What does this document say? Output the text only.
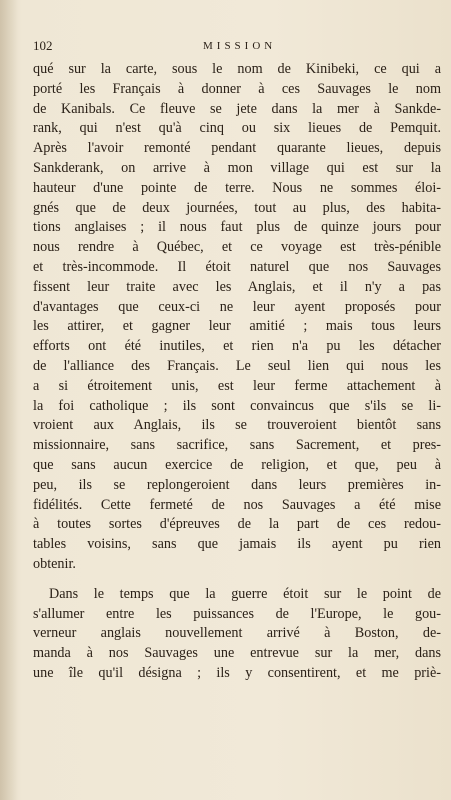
102	MISSION
qué sur la carte, sous le nom de Kinibeki, ce qui a
porté les Français à donner à ces Sauvages le nom
de Kanibals. Ce fleuve se jete dans la mer à Sankde-
rank, qui n'est qu'à cinq ou six lieues de Pemquit.
Après l'avoir remonté pendant quarante lieues, depuis
Sankderank, on arrive à mon village qui est sur la
hauteur d'une pointe de terre. Nous ne sommes éloi-
gnés que de deux journées, tout au plus, des habita-
tions anglaises ; il nous faut plus de quinze jours pour
nous rendre à Québec, et ce voyage est très-pénible
et très-incommode. Il étoit naturel que nos Sauvages
fissent leur traite avec les Anglais, et il n'y a pas
d'avantages que ceux-ci ne leur ayent proposés pour
les attirer, et gagner leur amitié ; mais tous leurs
efforts ont été inutiles, et rien n'a pu les détacher
de l'alliance des Français. Le seul lien qui nous les
a si étroitement unis, est leur ferme attachement à
la foi catholique ; ils sont convaincus que s'ils se li-
vroient aux Anglais, ils se trouveroient bientôt sans
missionnaire, sans sacrifice, sans Sacrement, et pres-
que sans aucun exercice de religion, et que, peu à
peu, ils se replongeroient dans leurs premières in-
fidélités. Cette fermeté de nos Sauvages a été mise
à toutes sortes d'épreuves de la part de ces redou-
tables voisins, sans que jamais ils ayent pu rien
obtenir.
Dans le temps que la guerre étoit sur le point de
s'allumer entre les puissances de l'Europe, le gou-
verneur anglais nouvellement arrivé à Boston, de-
manda à nos Sauvages une entrevue sur la mer, dans
une île qu'il désigna ; ils y consentirent, et me priè-
